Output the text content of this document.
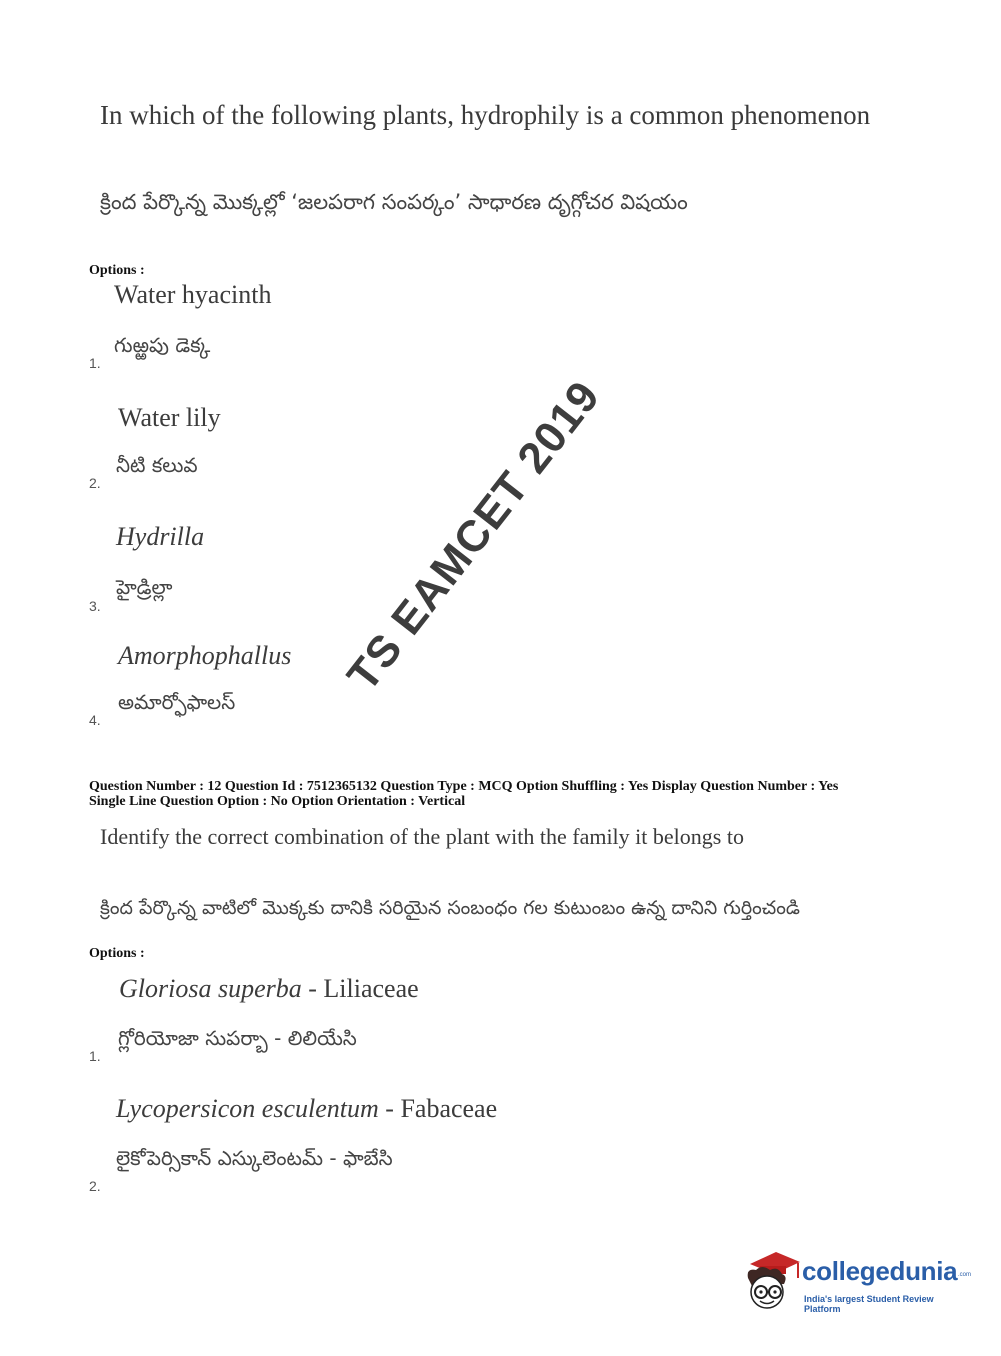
In which of the following plants, hydrophily is a common phenomenon
క్రింద పేర్కొన్న మొక్కల్లో ‘జలపరాగ సంపర్కం’ సాధారణ దృగ్గోచర విషయం
Options :
Water hyacinth
గుఱ్ఱపు డెక్క
1.
Water lily
నీటి కలువ
2.
Hydrilla
హైడ్రిల్లా
3.
Amorphophallus
అమార్ఫోఫాలస్
4.
Question Number : 12 Question Id : 7512365132 Question Type : MCQ Option Shuffling : Yes Display Question Number : Yes
Single Line Question Option : No Option Orientation : Vertical
Identify the correct combination of the plant with the family it belongs to
క్రింద పేర్కొన్న వాటిలో మొక్కకు దానికి సరియైన సంబంధం గల కుటుంబం ఉన్న దానిని గుర్తించండి
Options :
Gloriosa superba - Liliaceae
గ్లోరియోజా సుపర్బా - లిలియేసి
1.
Lycopersicon esculentum - Fabaceae
లైకోపెర్సికాన్ ఎస్కులెంటమ్ - ఫాబేసి
2.
TS EAMCET 2019
collegedunia .com
India's largest Student Review Platform
